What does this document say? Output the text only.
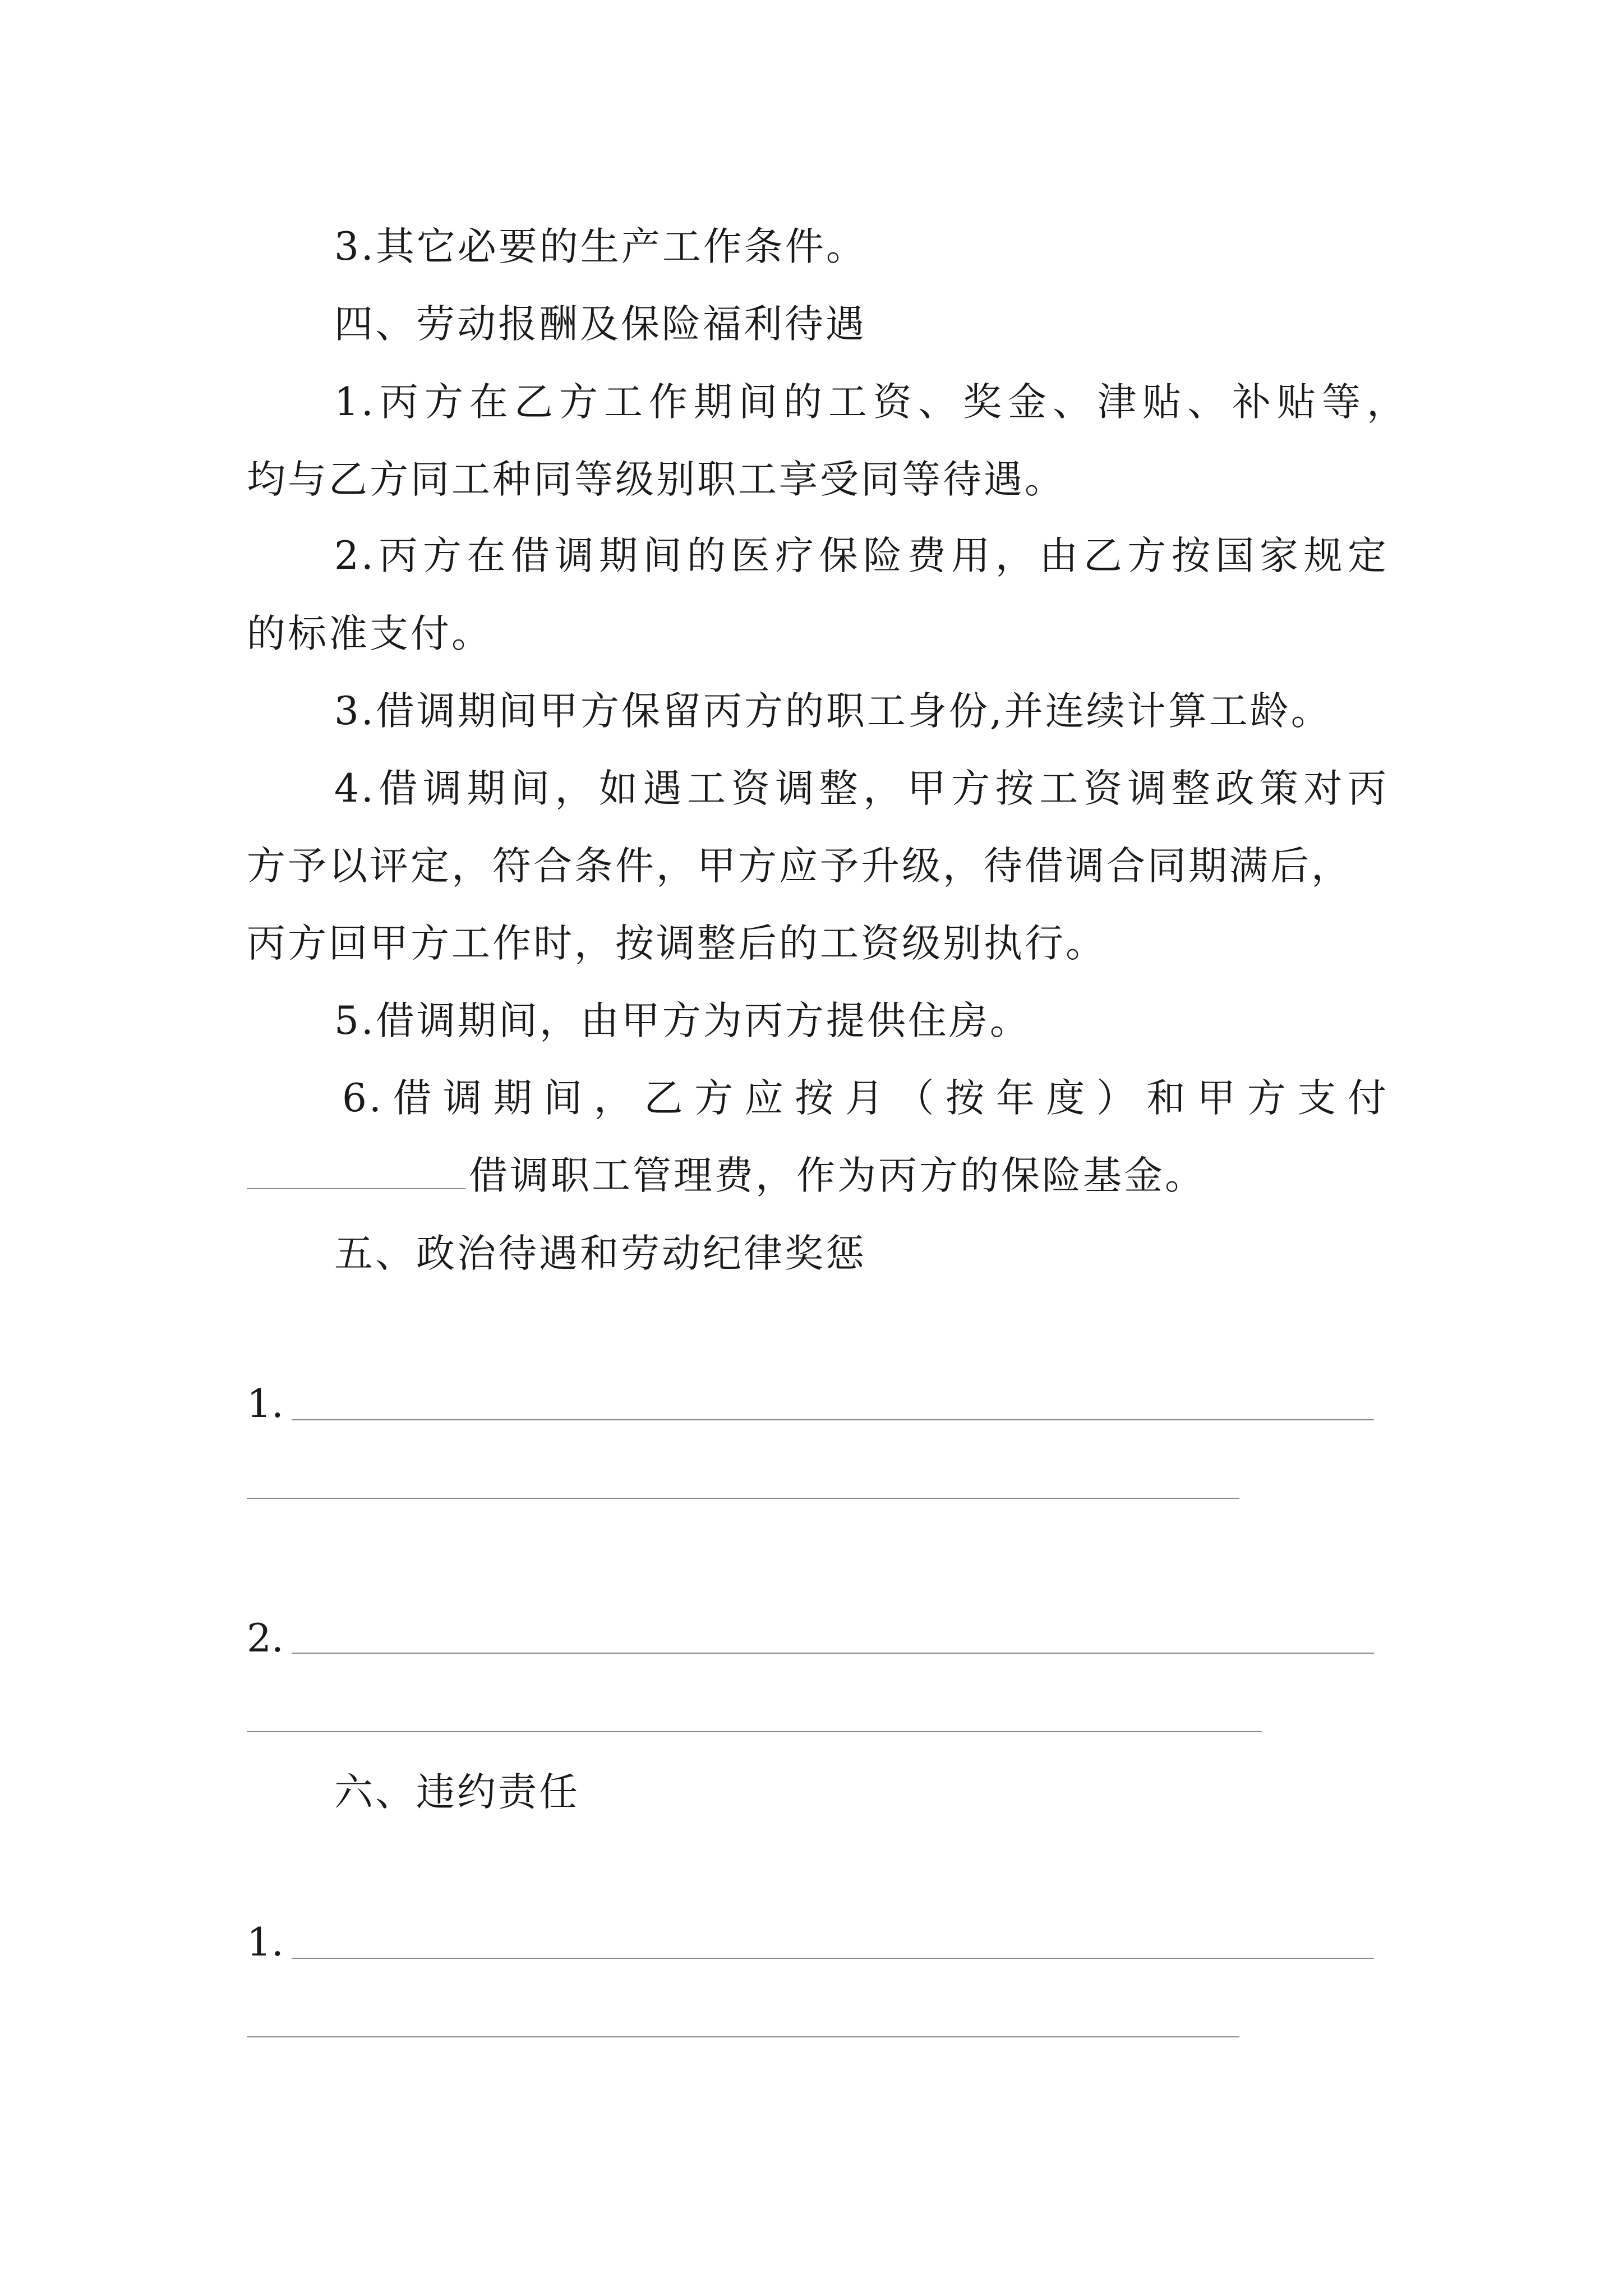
3.其它必要的生产工作条件。
四、劳动报酬及保险福利待遇
1.丙方在乙方工作期间的工资、奖金、津贴、补贴等，
均与乙方同工种同等级别职工享受同等待遇。
2.丙方在借调期间的医疗保险费用，由乙方按国家规定
的标准支付。
3.借调期间甲方保留丙方的职工身份,并连续计算工龄。
4.借调期间，如遇工资调整，甲方按工资调整政策对丙
方予以评定，符合条件，甲方应予升级，待借调合同期满后，
丙方回甲方工作时，按调整后的工资级别执行。
5.借调期间，由甲方为丙方提供住房。
6.借调期间，乙方应按月（按年度）和甲方支付
借调职工管理费，作为丙方的保险基金。
五、政治待遇和劳动纪律奖惩
1.
2.
六、违约责任
1.
